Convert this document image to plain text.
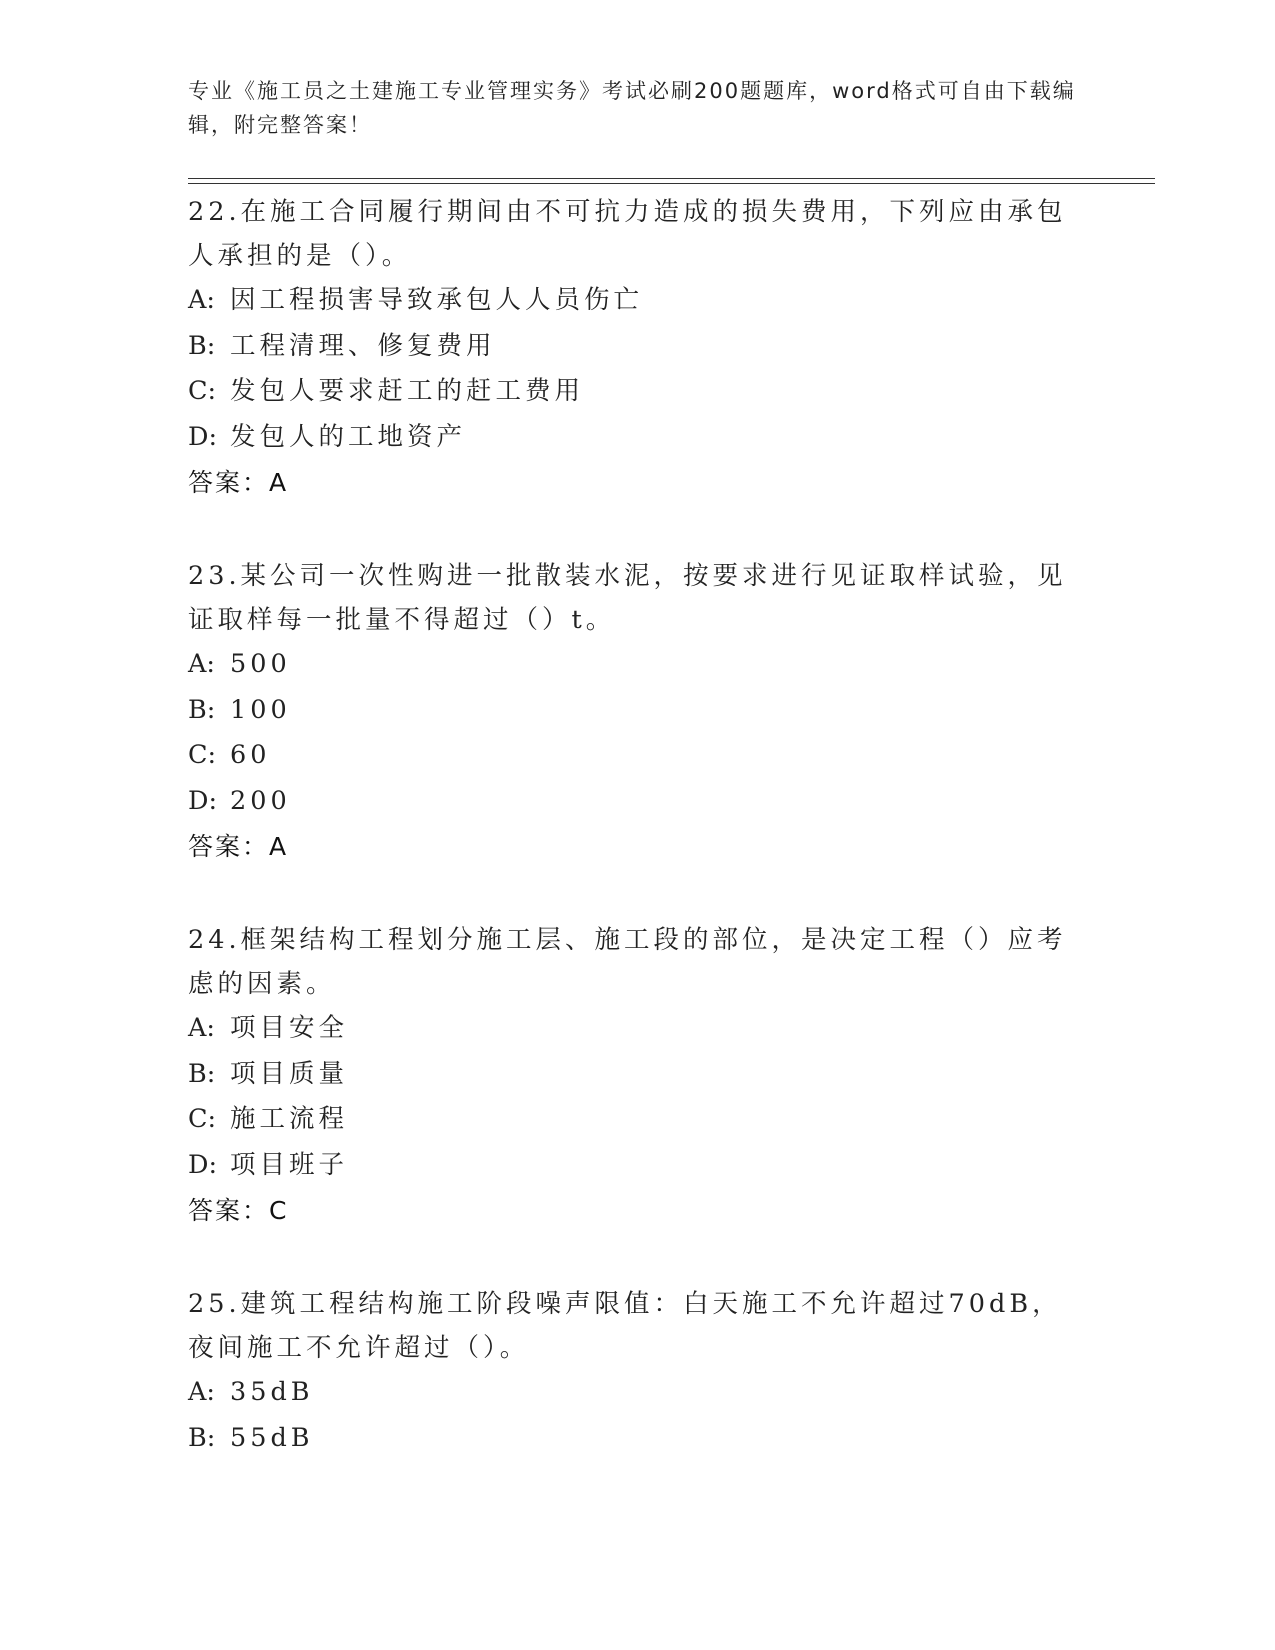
专业《施工员之土建施工专业管理实务》考试必刷200题题库，word格式可自由下载编辑，附完整答案！

22.在施工合同履行期间由不可抗力造成的损失费用，下列应由承包人承担的是（）。

A: 因工程损害导致承包人人员伤亡
B: 工程清理、修复费用
C: 发包人要求赶工的赶工费用
D: 发包人的工地资产
答案：A

23.某公司一次性购进一批散装水泥，按要求进行见证取样试验，见证取样每一批量不得超过（）t。

A: 500
B: 100
C: 60
D: 200
答案：A

24.框架结构工程划分施工层、施工段的部位，是决定工程（）应考虑的因素。

A: 项目安全
B: 项目质量
C: 施工流程
D: 项目班子
答案：C

25.建筑工程结构施工阶段噪声限值：白天施工不允许超过70dB，夜间施工不允许超过（）。

A: 35dB
B: 55dB
